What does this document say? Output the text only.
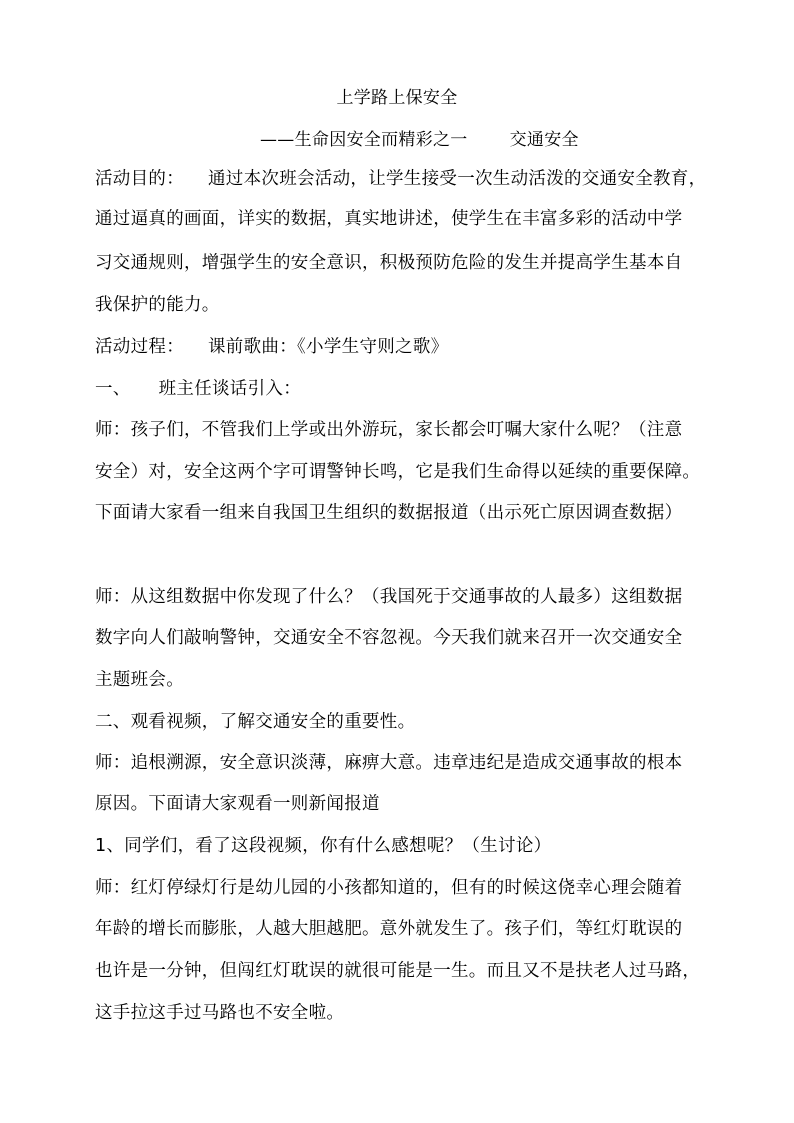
上学路上保安全
——生命因安全而精彩之一 交通安全
活动目的： 通过本次班会活动，让学生接受一次生动活泼的交通安全教育，
通过逼真的画面，详实的数据，真实地讲述，使学生在丰富多彩的活动中学
习交通规则，增强学生的安全意识，积极预防危险的发生并提高学生基本自
我保护的能力。
活动过程： 课前歌曲：《小学生守则之歌》
一、 班主任谈话引入：
师：孩子们，不管我们上学或出外游玩，家长都会叮嘱大家什么呢？（注意
安全）对，安全这两个字可谓警钟长鸣，它是我们生命得以延续的重要保障。
下面请大家看一组来自我国卫生组织的数据报道（出示死亡原因调查数据）
师：从这组数据中你发现了什么？（我国死于交通事故的人最多）这组数据
数字向人们敲响警钟，交通安全不容忽视。今天我们就来召开一次交通安全
主题班会。
二、观看视频，了解交通安全的重要性。
师：追根溯源，安全意识淡薄，麻痹大意。违章违纪是造成交通事故的根本
原因。下面请大家观看一则新闻报道
1、同学们，看了这段视频，你有什么感想呢？（生讨论）
师：红灯停绿灯行是幼儿园的小孩都知道的，但有的时候这侥幸心理会随着
年龄的增长而膨胀，人越大胆越肥。意外就发生了。孩子们，等红灯耽误的
也许是一分钟，但闯红灯耽误的就很可能是一生。而且又不是扶老人过马路，
这手拉这手过马路也不安全啦。
